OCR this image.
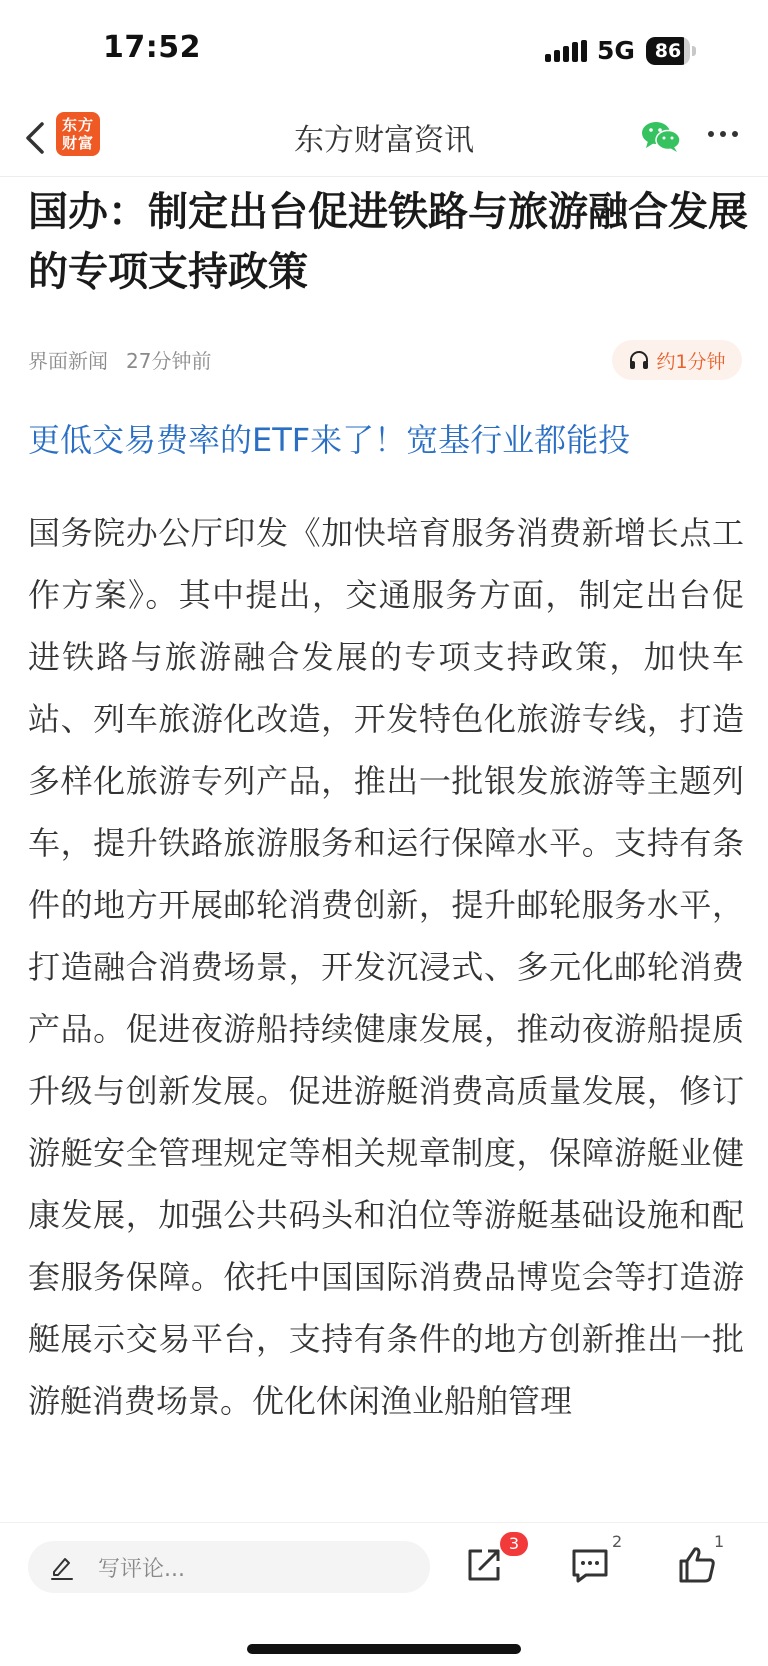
17:52	5G	86
东方
财富	东方财富资讯
国办：制定出台促进铁路与旅游融合发展的专项支持政策
界面新闻 27分钟前	约1分钟
更低交易费率的ETF来了！宽基行业都能投

国务院办公厅印发《加快培育服务消费新增长点工作方案》。其中提出，交通服务方面，制定出台促进铁路与旅游融合发展的专项支持政策，加快车站、列车旅游化改造，开发特色化旅游专线，打造多样化旅游专列产品，推出一批银发旅游等主题列车，提升铁路旅游服务和运行保障水平。支持有条件的地方开展邮轮消费创新，提升邮轮服务水平，打造融合消费场景，开发沉浸式、多元化邮轮消费产品。促进夜游船持续健康发展，推动夜游船提质升级与创新发展。促进游艇消费高质量发展，修订游艇安全管理规定等相关规章制度，保障游艇业健康发展，加强公共码头和泊位等游艇基础设施和配套服务保障。依托中国国际消费品博览会等打造游艇展示交易平台，支持有条件的地方创新推出一批游艇消费场景。优化休闲渔业船舶管理

写评论...
3	2	1
